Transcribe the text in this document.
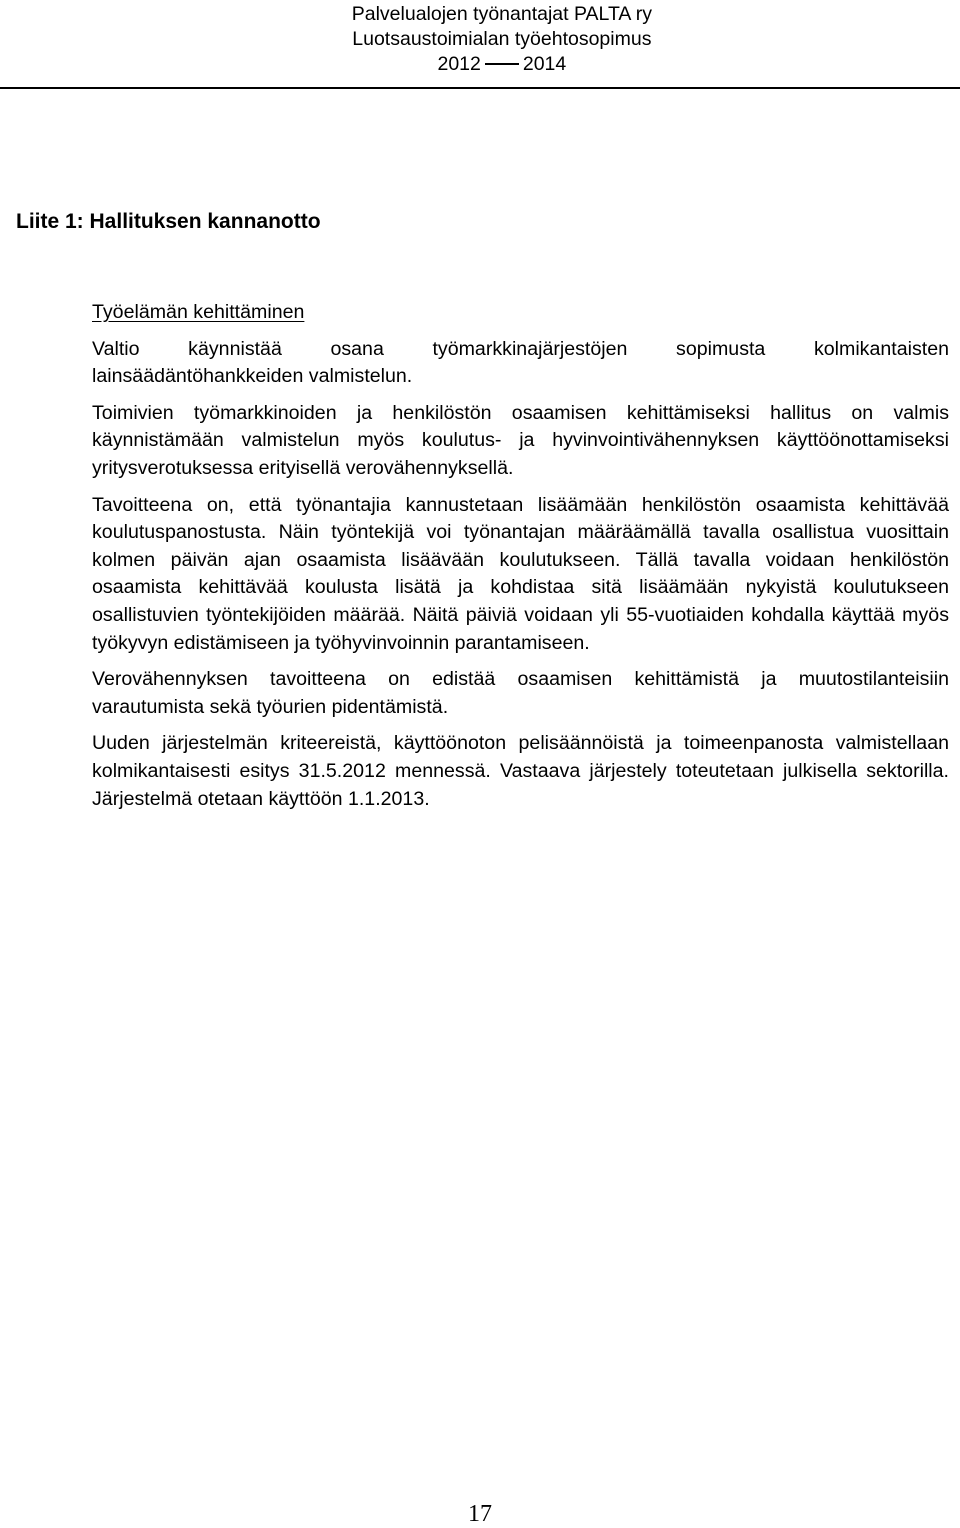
Palvelualojen työnantajat PALTA ry
Luotsaustoimialan työehtosopimus
2012 2014
Liite 1: Hallituksen kannanotto
Työelämän kehittäminen

Valtio käynnistää osana työmarkkinajärjestöjen sopimusta kolmikantaisten lainsäädäntöhankkeiden valmistelun.

Toimivien työmarkkinoiden ja henkilöstön osaamisen kehittämiseksi hallitus on valmis käynnistämään valmistelun myös koulutus- ja hyvinvointivähennyksen käyttöönottamiseksi yritysverotuksessa erityisellä verovähennyksellä.

Tavoitteena on, että työnantajia kannustetaan lisäämään henkilöstön osaamista kehittävää koulutuspanostusta. Näin työntekijä voi työnantajan määräämällä tavalla osallistua vuosittain kolmen päivän ajan osaamista lisäävään koulutukseen. Tällä tavalla voidaan henkilöstön osaamista kehittävää koulusta lisätä ja kohdistaa sitä lisäämään nykyistä koulutukseen osallistuvien työntekijöiden määrää. Näitä päiviä voidaan yli 55-vuotiaiden kohdalla käyttää myös työkyvyn edistämiseen ja työhyvinvoinnin parantamiseen.

Verovähennyksen tavoitteena on edistää osaamisen kehittämistä ja muutostilanteisiin varautumista sekä työurien pidentämistä.

Uuden järjestelmän kriteereistä, käyttöönoton pelisäännöistä ja toimeenpanosta valmistellaan kolmikantaisesti esitys 31.5.2012 mennessä. Vastaava järjestely toteutetaan julkisella sektorilla. Järjestelmä otetaan käyttöön 1.1.2013.

17
